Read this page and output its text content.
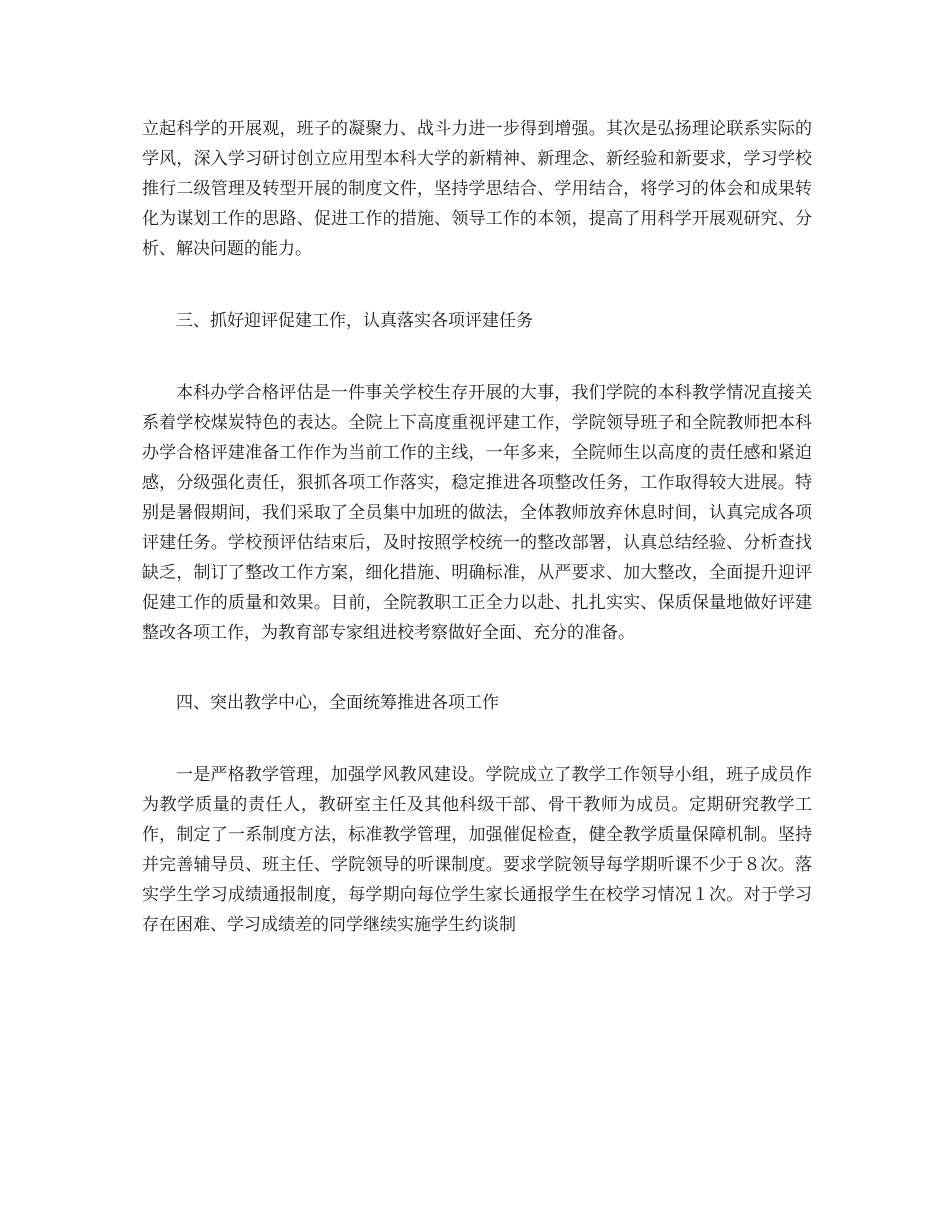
立起科学的开展观，班子的凝聚力、战斗力进一步得到增强。其次是弘扬理论联系实际的学风，深入学习研讨创立应用型本科大学的新精神、新理念、新经验和新要求，学习学校推行二级管理及转型开展的制度文件，坚持学思结合、学用结合，将学习的体会和成果转化为谋划工作的思路、促进工作的措施、领导工作的本领，提高了用科学开展观研究、分析、解决问题的能力。

三、抓好迎评促建工作，认真落实各项评建任务

本科办学合格评估是一件事关学校生存开展的大事，我们学院的本科教学情况直接关系着学校煤炭特色的表达。全院上下高度重视评建工作，学院领导班子和全院教师把本科办学合格评建准备工作作为当前工作的主线，一年多来，全院师生以高度的责任感和紧迫感，分级强化责任，狠抓各项工作落实，稳定推进各项整改任务，工作取得较大进展。特别是暑假期间，我们采取了全员集中加班的做法，全体教师放弃休息时间，认真完成各项评建任务。学校预评估结束后，及时按照学校统一的整改部署，认真总结经验、分析查找缺乏，制订了整改工作方案，细化措施、明确标准，从严要求、加大整改，全面提升迎评促建工作的质量和效果。目前，全院教职工正全力以赴、扎扎实实、保质保量地做好评建整改各项工作，为教育部专家组进校考察做好全面、充分的准备。

四、突出教学中心，全面统筹推进各项工作

一是严格教学管理，加强学风教风建设。学院成立了教学工作领导小组，班子成员作为教学质量的责任人，教研室主任及其他科级干部、骨干教师为成员。定期研究教学工作，制定了一系制度方法，标准教学管理，加强催促检查，健全教学质量保障机制。坚持并完善辅导员、班主任、学院领导的听课制度。要求学院领导每学期听课不少于８次。落实学生学习成绩通报制度，每学期向每位学生家长通报学生在校学习情况１次。对于学习存在困难、学习成绩差的同学继续实施学生约谈制
